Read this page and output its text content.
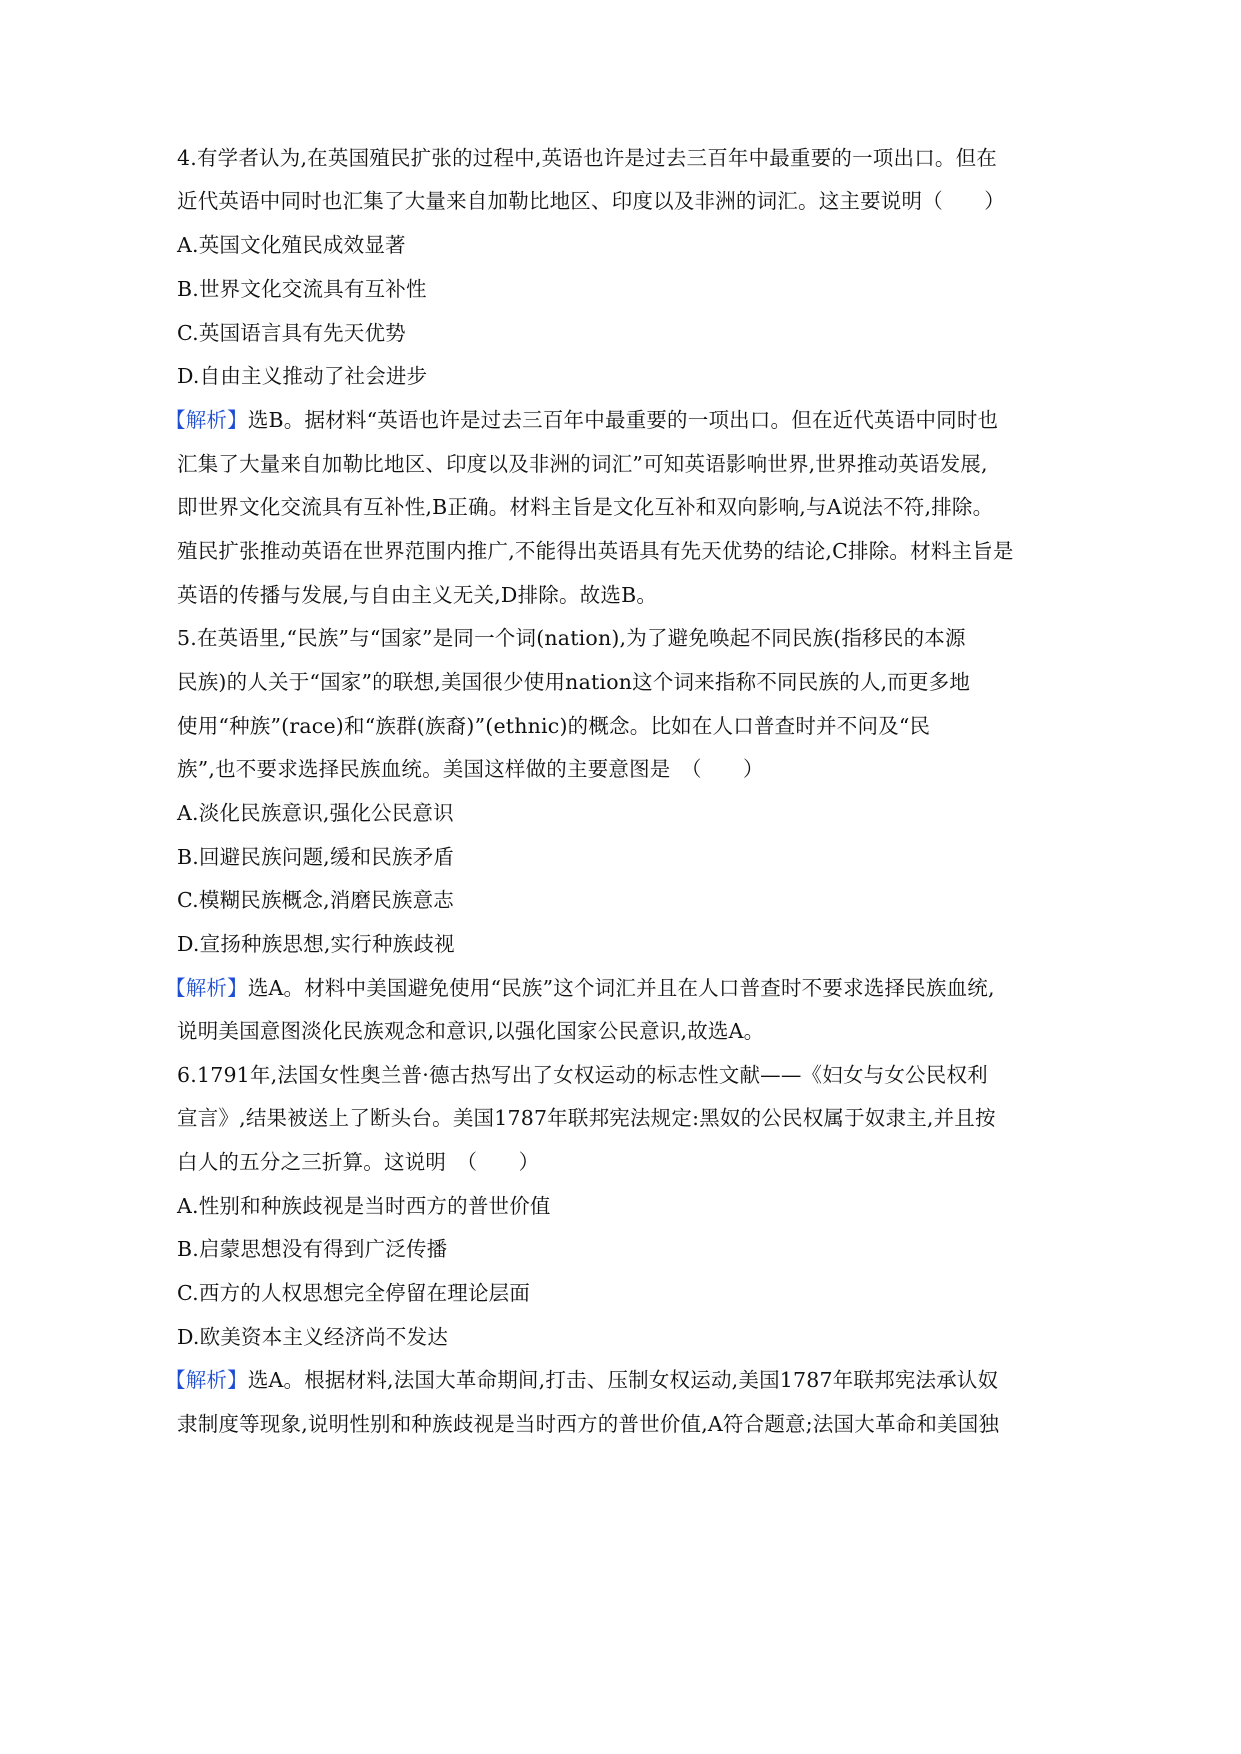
4.有学者认为,在英国殖民扩张的过程中,英语也许是过去三百年中最重要的一项出口。但在
近代英语中同时也汇集了大量来自加勒比地区、印度以及非洲的词汇。这主要说明（　　）
A.英国文化殖民成效显著
B.世界文化交流具有互补性
C.英国语言具有先天优势
D.自由主义推动了社会进步
【解析】选B。据材料“英语也许是过去三百年中最重要的一项出口。但在近代英语中同时也
汇集了大量来自加勒比地区、印度以及非洲的词汇”可知英语影响世界,世界推动英语发展,
即世界文化交流具有互补性,B正确。材料主旨是文化互补和双向影响,与A说法不符,排除。
殖民扩张推动英语在世界范围内推广,不能得出英语具有先天优势的结论,C排除。材料主旨是
英语的传播与发展,与自由主义无关,D排除。故选B。
5.在英语里,“民族”与“国家”是同一个词(nation),为了避免唤起不同民族(指移民的本源
民族)的人关于“国家”的联想,美国很少使用nation这个词来指称不同民族的人,而更多地
使用“种族”(race)和“族群(族裔)”(ethnic)的概念。比如在人口普查时并不问及“民
族”,也不要求选择民族血统。美国这样做的主要意图是　（　　）
A.淡化民族意识,强化公民意识
B.回避民族问题,缓和民族矛盾
C.模糊民族概念,消磨民族意志
D.宣扬种族思想,实行种族歧视
【解析】选A。材料中美国避免使用“民族”这个词汇并且在人口普查时不要求选择民族血统,
说明美国意图淡化民族观念和意识,以强化国家公民意识,故选A。
6.1791年,法国女性奥兰普·德古热写出了女权运动的标志性文献——《妇女与女公民权利
宣言》,结果被送上了断头台。美国1787年联邦宪法规定:黑奴的公民权属于奴隶主,并且按
白人的五分之三折算。这说明　（　　）
A.性别和种族歧视是当时西方的普世价值
B.启蒙思想没有得到广泛传播
C.西方的人权思想完全停留在理论层面
D.欧美资本主义经济尚不发达
【解析】选A。根据材料,法国大革命期间,打击、压制女权运动,美国1787年联邦宪法承认奴
隶制度等现象,说明性别和种族歧视是当时西方的普世价值,A符合题意;法国大革命和美国独
